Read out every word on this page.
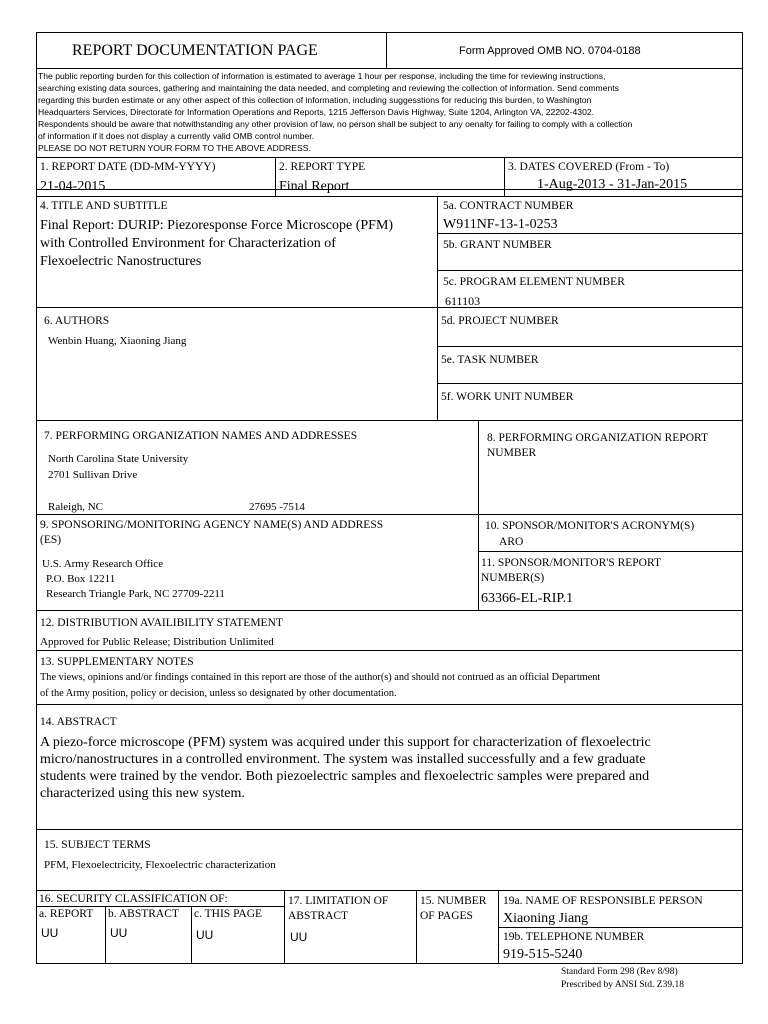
REPORT DOCUMENTATION PAGE	Form Approved OMB NO. 0704-0188
The public reporting burden for this collection of information is estimated to average 1 hour per response, including the time for reviewing instructions,
searching existing data sources, gathering and maintaining the data needed, and completing and reviewing the collection of information. Send comments
regarding this burden estimate or any other aspect of this collection of information, including suggesstions for reducing this burden, to Washington
Headquarters Services, Directorate for Information Operations and Reports, 1215 Jefferson Davis Highway, Suite 1204, Arlington VA, 22202-4302.
Respondents should be aware that notwithstanding any other provision of law, no person shall be subject to any oenalty for failing to comply with a collection
of information if it does not display a currently valid OMB control number.
PLEASE DO NOT RETURN YOUR FORM TO THE ABOVE ADDRESS.
1. REPORT DATE (DD-MM-YYYY)
21-04-2015
2. REPORT TYPE
Final Report
3. DATES COVERED (From - To)
1-Aug-2013 - 31-Jan-2015
4. TITLE AND SUBTITLE
Final Report: DURIP: Piezoresponse Force Microscope (PFM)
with Controlled Environment for Characterization of
Flexoelectric Nanostructures
5a. CONTRACT NUMBER
W911NF-13-1-0253
5b. GRANT NUMBER
5c. PROGRAM ELEMENT NUMBER
611103
6. AUTHORS
Wenbin Huang, Xiaoning Jiang
5d. PROJECT NUMBER
5e. TASK NUMBER
5f. WORK UNIT NUMBER
7. PERFORMING ORGANIZATION NAMES AND ADDRESSES
North Carolina State University
2701 Sullivan Drive
Raleigh, NC	27695 -7514
8. PERFORMING ORGANIZATION REPORT
NUMBER
9. SPONSORING/MONITORING AGENCY NAME(S) AND ADDRESS
(ES)
U.S. Army Research Office
P.O. Box 12211
Research Triangle Park, NC 27709-2211
10. SPONSOR/MONITOR'S ACRONYM(S)
ARO
11. SPONSOR/MONITOR'S REPORT
NUMBER(S)
63366-EL-RIP.1
12. DISTRIBUTION AVAILIBILITY STATEMENT
Approved for Public Release; Distribution Unlimited
13. SUPPLEMENTARY NOTES
The views, opinions and/or findings contained in this report are those of the author(s) and should not contrued as an official Department
of the Army position, policy or decision, unless so designated by other documentation.
14. ABSTRACT
A piezo-force microscope (PFM) system was acquired under this support for characterization of flexoelectric
micro/nanostructures in a controlled environment. The system was installed successfully and a few graduate
students were trained by the vendor. Both piezoelectric samples and flexoelectric samples were prepared and
characterized using this new system.
15. SUBJECT TERMS
PFM, Flexoelectricity, Flexoelectric characterization
16. SECURITY CLASSIFICATION OF:
a. REPORT
UU
b. ABSTRACT
UU
c. THIS PAGE
UU
17. LIMITATION OF
ABSTRACT
UU
15. NUMBER
OF PAGES
19a. NAME OF RESPONSIBLE PERSON
Xiaoning Jiang
19b. TELEPHONE NUMBER
919-515-5240
Standard Form 298 (Rev 8/98)
Prescribed by ANSI Std. Z39.18
